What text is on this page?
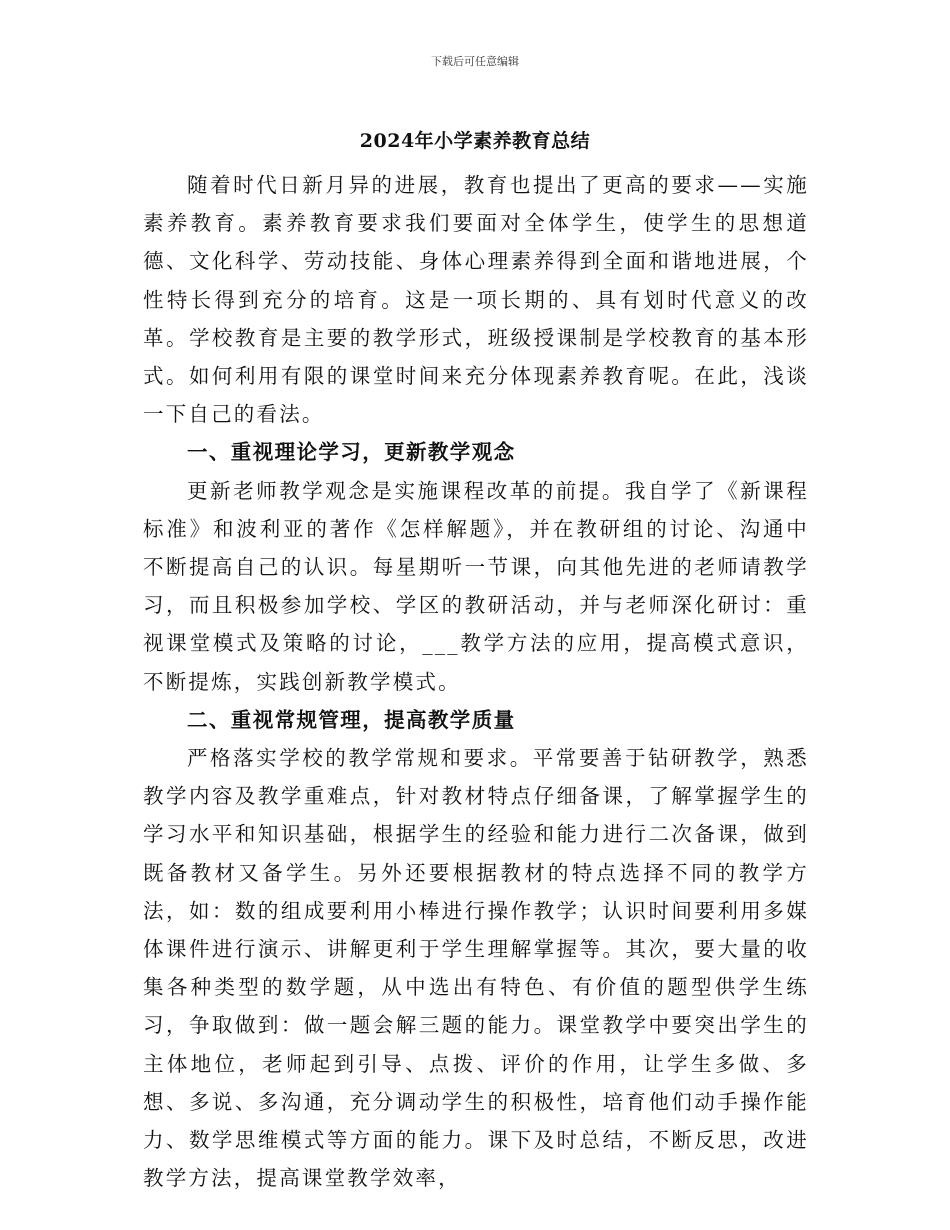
下载后可任意编辑
2024年小学素养教育总结

随着时代日新月异的进展，教育也提出了更高的要求——实施素养教育。素养教育要求我们要面对全体学生，使学生的思想道德、文化科学、劳动技能、身体心理素养得到全面和谐地进展，个性特长得到充分的培育。这是一项长期的、具有划时代意义的改革。学校教育是主要的教学形式，班级授课制是学校教育的基本形式。如何利用有限的课堂时间来充分体现素养教育呢。在此，浅谈一下自己的看法。

一、重视理论学习，更新教学观念

更新老师教学观念是实施课程改革的前提。我自学了《新课程标准》和波利亚的著作《怎样解题》，并在教研组的讨论、沟通中不断提高自己的认识。每星期听一节课，向其他先进的老师请教学习，而且积极参加学校、学区的教研活动，并与老师深化研讨：重视课堂模式及策略的讨论，___教学方法的应用，提高模式意识，不断提炼，实践创新教学模式。

二、重视常规管理，提高教学质量

严格落实学校的教学常规和要求。平常要善于钻研教学，熟悉教学内容及教学重难点，针对教材特点仔细备课，了解掌握学生的学习水平和知识基础，根据学生的经验和能力进行二次备课，做到既备教材又备学生。另外还要根据教材的特点选择不同的教学方法，如：数的组成要利用小棒进行操作教学；认识时间要利用多媒体课件进行演示、讲解更利于学生理解掌握等。其次，要大量的收集各种类型的数学题，从中选出有特色、有价值的题型供学生练习，争取做到：做一题会解三题的能力。课堂教学中要突出学生的主体地位，老师起到引导、点拨、评价的作用，让学生多做、多想、多说、多沟通，充分调动学生的积极性，培育他们动手操作能力、数学思维模式等方面的能力。课下及时总结，不断反思，改进教学方法，提高课堂教学效率，
